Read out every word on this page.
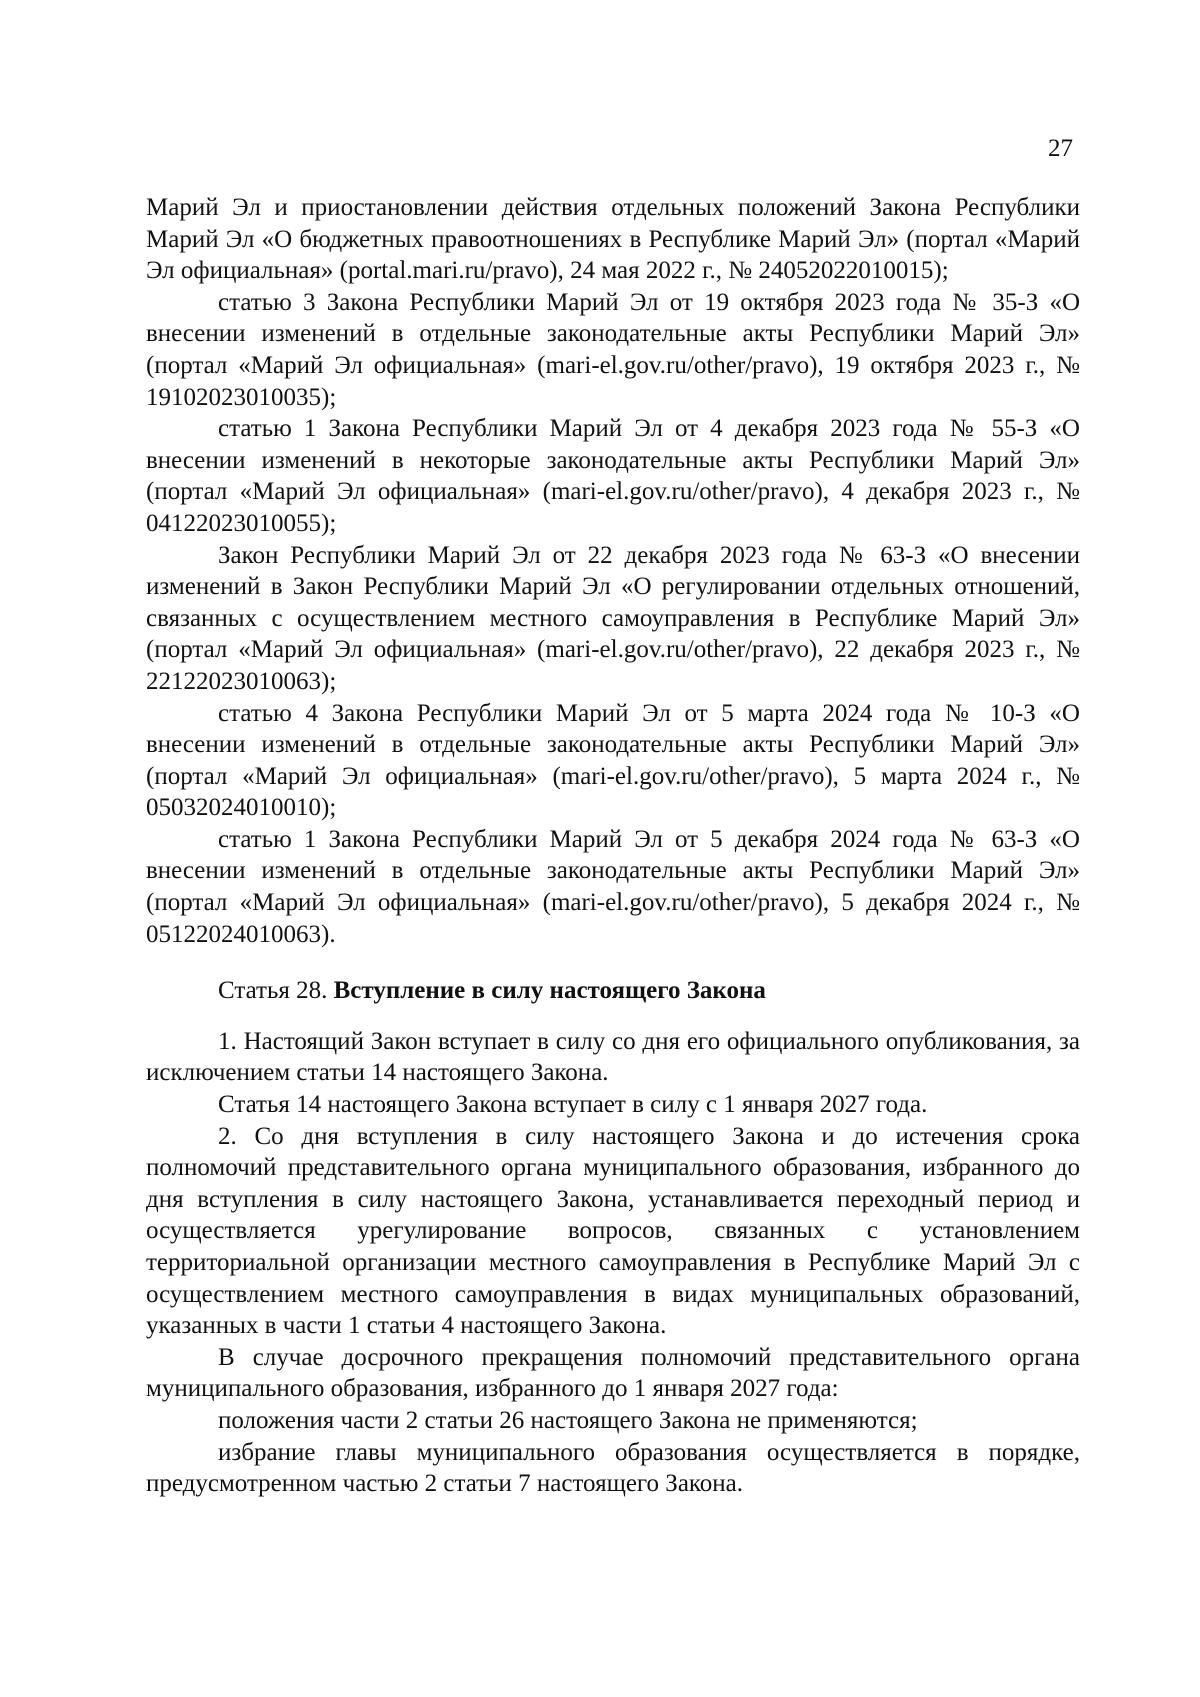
27

Марий Эл и приостановлении действия отдельных положений Закона Республики Марий Эл «О бюджетных правоотношениях в Республике Марий Эл» (портал «Марий Эл официальная» (portal.mari.ru/pravo), 24 мая 2022 г., № 24052022010015);

статью 3 Закона Республики Марий Эл от 19 октября 2023 года № 35-З «О внесении изменений в отдельные законодательные акты Республики Марий Эл» (портал «Марий Эл официальная» (mari-el.gov.ru/other/pravo), 19 октября 2023 г., № 19102023010035);

статью 1 Закона Республики Марий Эл от 4 декабря 2023 года № 55-З «О внесении изменений в некоторые законодательные акты Республики Марий Эл» (портал «Марий Эл официальная» (mari-el.gov.ru/other/pravo), 4 декабря 2023 г., № 04122023010055);

Закон Республики Марий Эл от 22 декабря 2023 года № 63-З «О внесении изменений в Закон Республики Марий Эл «О регулировании отдельных отношений, связанных с осуществлением местного самоуправления в Республике Марий Эл» (портал «Марий Эл официальная» (mari-el.gov.ru/other/pravo), 22 декабря 2023 г., № 22122023010063);

статью 4 Закона Республики Марий Эл от 5 марта 2024 года № 10-З «О внесении изменений в отдельные законодательные акты Республики Марий Эл» (портал «Марий Эл официальная» (mari-el.gov.ru/other/pravo), 5 марта 2024 г., № 05032024010010);

статью 1 Закона Республики Марий Эл от 5 декабря 2024 года № 63-З «О внесении изменений в отдельные законодательные акты Республики Марий Эл» (портал «Марий Эл официальная» (mari-el.gov.ru/other/pravo), 5 декабря 2024 г., № 05122024010063).

Статья 28. Вступление в силу настоящего Закона

1. Настоящий Закон вступает в силу со дня его официального опубликования, за исключением статьи 14 настоящего Закона.

Статья 14 настоящего Закона вступает в силу с 1 января 2027 года.

2. Со дня вступления в силу настоящего Закона и до истечения срока полномочий представительного органа муниципального образования, избранного до дня вступления в силу настоящего Закона, устанавливается переходный период и осуществляется урегулирование вопросов, связанных с установлением территориальной организации местного самоуправления в Республике Марий Эл с осуществлением местного самоуправления в видах муниципальных образований, указанных в части 1 статьи 4 настоящего Закона.

В случае досрочного прекращения полномочий представительного органа муниципального образования, избранного до 1 января 2027 года:

положения части 2 статьи 26 настоящего Закона не применяются;

избрание главы муниципального образования осуществляется в порядке, предусмотренном частью 2 статьи 7 настоящего Закона.
